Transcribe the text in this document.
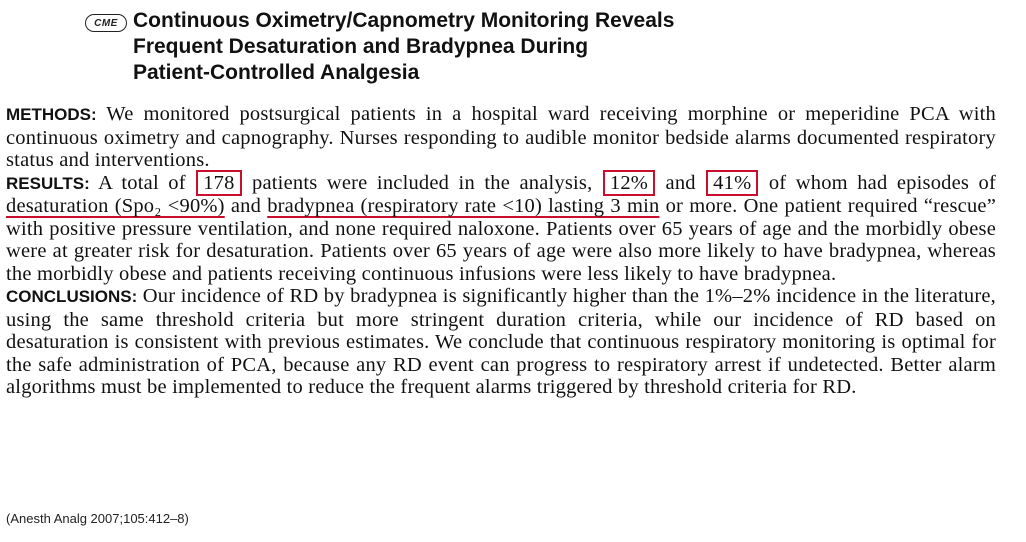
CME Continuous Oximetry/Capnometry Monitoring Reveals
Frequent Desaturation and Bradypnea During
Patient-Controlled Analgesia

METHODS: We monitored postsurgical patients in a hospital ward receiving morphine or meperidine PCA with continuous oximetry and capnography. Nurses responding to audible monitor bedside alarms documented respiratory status and interventions.

RESULTS: A total of 178 patients were included in the analysis, 12% and 41% of whom had episodes of desaturation (Spo₂ <90%) and bradypnea (respiratory rate <10) lasting 3 min or more. One patient required “rescue” with positive pressure ventilation, and none required naloxone. Patients over 65 years of age and the morbidly obese were at greater risk for desaturation. Patients over 65 years of age were also more likely to have bradypnea, whereas the morbidly obese and patients receiving continuous infusions were less likely to have bradypnea.

CONCLUSIONS: Our incidence of RD by bradypnea is significantly higher than the 1%–2% incidence in the literature, using the same threshold criteria but more stringent duration criteria, while our incidence of RD based on desaturation is consistent with previous estimates. We conclude that continuous respiratory monitoring is optimal for the safe administration of PCA, because any RD event can progress to respiratory arrest if undetected. Better alarm algorithms must be implemented to reduce the frequent alarms triggered by threshold criteria for RD.

(Anesth Analg 2007;105:412–8)
